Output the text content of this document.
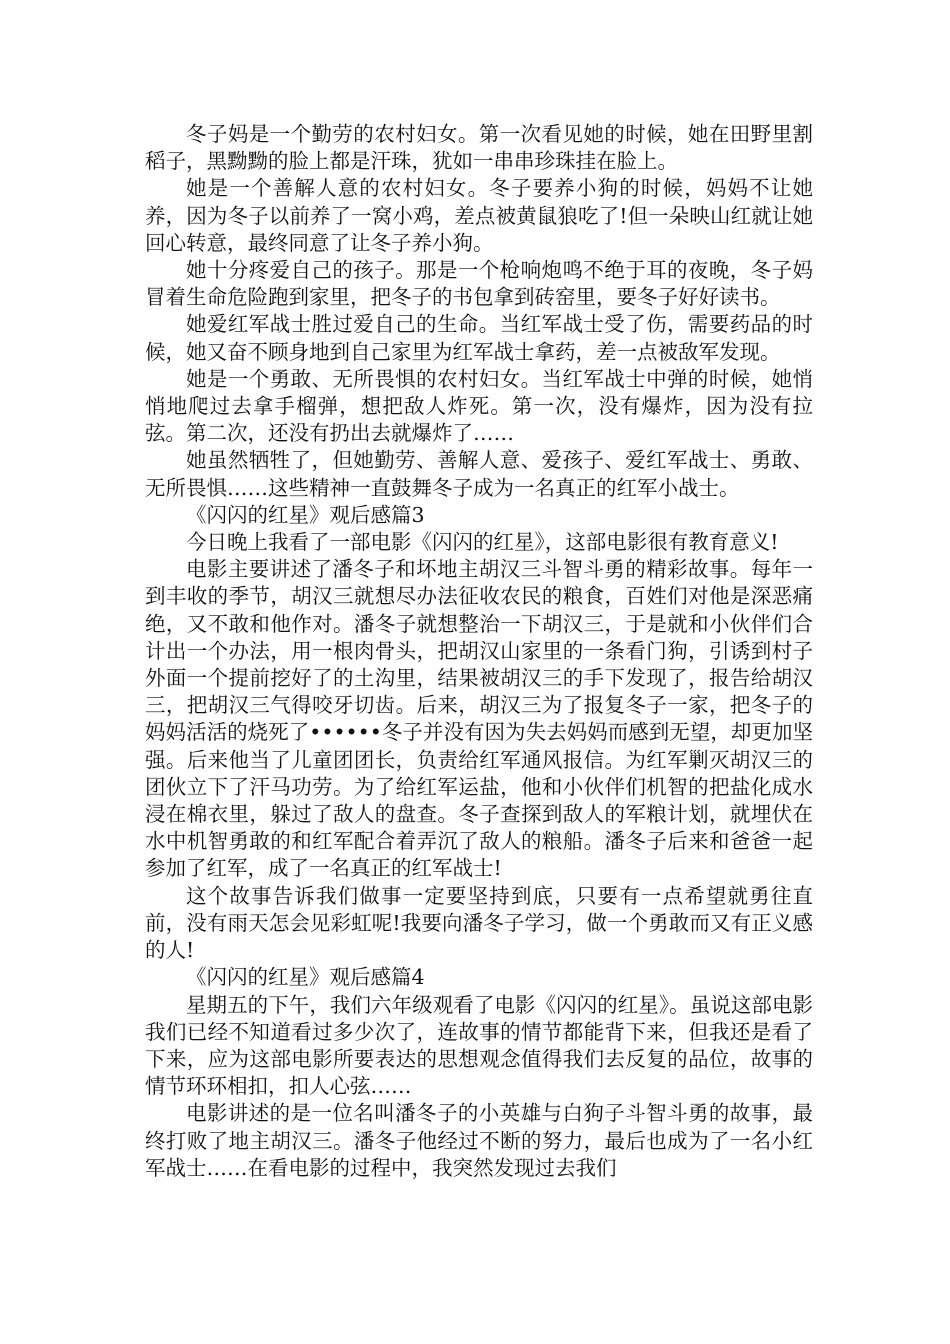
冬子妈是一个勤劳的农村妇女。第一次看见她的时候，她在田野里割稻子，黑黝黝的脸上都是汗珠，犹如一串串珍珠挂在脸上。

她是一个善解人意的农村妇女。冬子要养小狗的时候，妈妈不让她养，因为冬子以前养了一窝小鸡，差点被黄鼠狼吃了!但一朵映山红就让她回心转意，最终同意了让冬子养小狗。

她十分疼爱自己的孩子。那是一个枪响炮鸣不绝于耳的夜晚，冬子妈冒着生命危险跑到家里，把冬子的书包拿到砖窑里，要冬子好好读书。

她爱红军战士胜过爱自己的生命。当红军战士受了伤，需要药品的时候，她又奋不顾身地到自己家里为红军战士拿药，差一点被敌军发现。

她是一个勇敢、无所畏惧的农村妇女。当红军战士中弹的时候，她悄悄地爬过去拿手榴弹，想把敌人炸死。第一次，没有爆炸，因为没有拉弦。第二次，还没有扔出去就爆炸了……

她虽然牺牲了，但她勤劳、善解人意、爱孩子、爱红军战士、勇敢、无所畏惧……这些精神一直鼓舞冬子成为一名真正的红军小战士。

《闪闪的红星》观后感篇3

今日晚上我看了一部电影《闪闪的红星》，这部电影很有教育意义!

电影主要讲述了潘冬子和坏地主胡汉三斗智斗勇的精彩故事。每年一到丰收的季节，胡汉三就想尽办法征收农民的粮食，百姓们对他是深恶痛绝，又不敢和他作对。潘冬子就想整治一下胡汉三，于是就和小伙伴们合计出一个办法，用一根肉骨头，把胡汉山家里的一条看门狗，引诱到村子外面一个提前挖好了的土沟里，结果被胡汉三的手下发现了，报告给胡汉三，把胡汉三气得咬牙切齿。后来，胡汉三为了报复冬子一家，把冬子的妈妈活活的烧死了••••••冬子并没有因为失去妈妈而感到无望，却更加坚强。后来他当了儿童团团长，负责给红军通风报信。为红军剿灭胡汉三的团伙立下了汗马功劳。为了给红军运盐，他和小伙伴们机智的把盐化成水浸在棉衣里，躲过了敌人的盘查。冬子查探到敌人的军粮计划，就埋伏在水中机智勇敢的和红军配合着弄沉了敌人的粮船。潘冬子后来和爸爸一起参加了红军，成了一名真正的红军战士!

这个故事告诉我们做事一定要坚持到底，只要有一点希望就勇往直前，没有雨天怎会见彩虹呢!我要向潘冬子学习，做一个勇敢而又有正义感的人!

《闪闪的红星》观后感篇4

星期五的下午，我们六年级观看了电影《闪闪的红星》。虽说这部电影我们已经不知道看过多少次了，连故事的情节都能背下来，但我还是看了下来，应为这部电影所要表达的思想观念值得我们去反复的品位，故事的情节环环相扣，扣人心弦……

电影讲述的是一位名叫潘冬子的小英雄与白狗子斗智斗勇的故事，最终打败了地主胡汉三。潘冬子他经过不断的努力，最后也成为了一名小红军战士……在看电影的过程中，我突然发现过去我们
